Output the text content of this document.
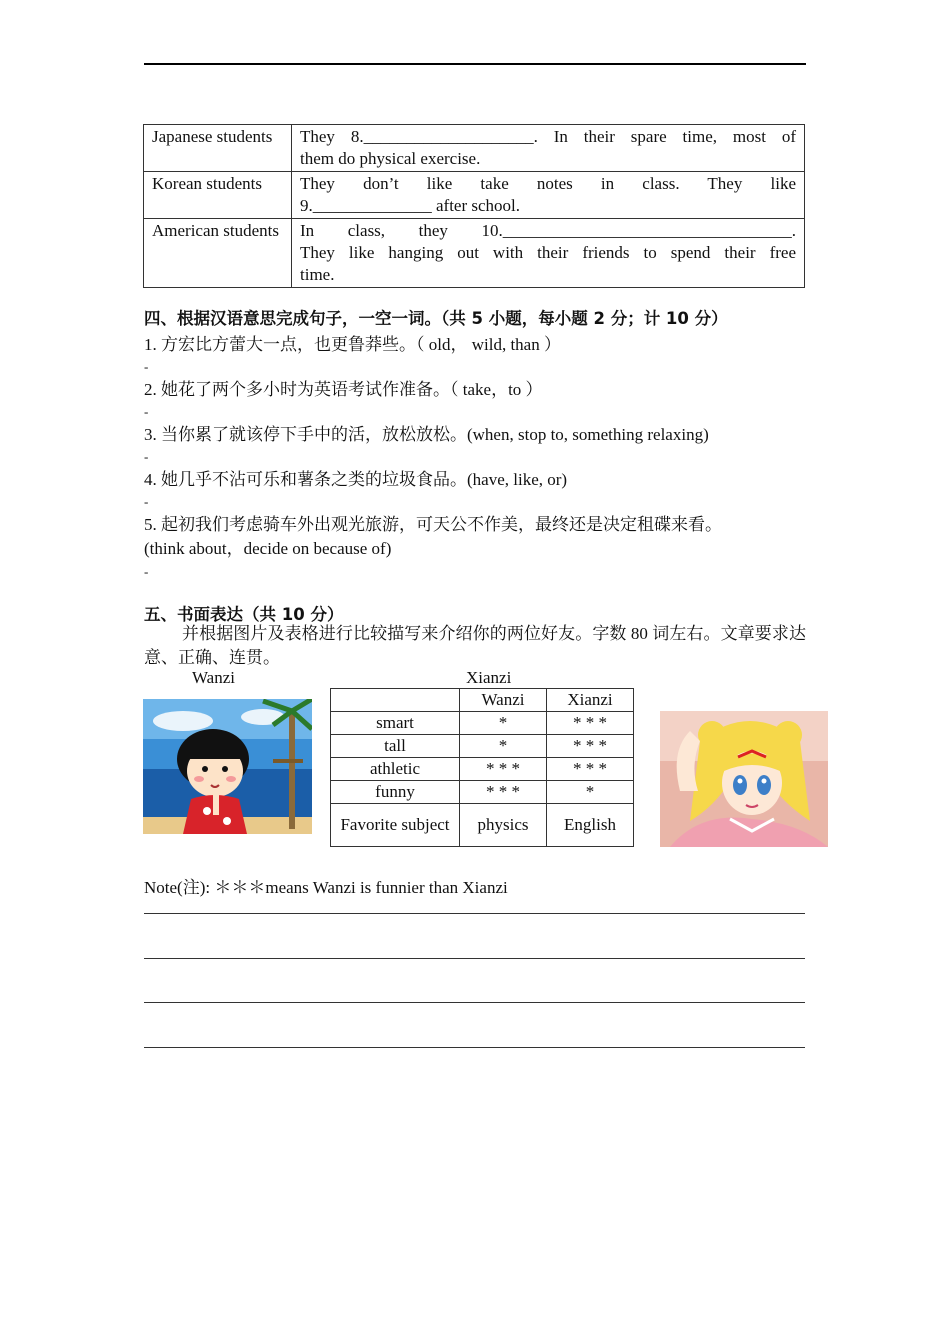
Japanese students	They 8.____________________. In their spare time, most of
them do physical exercise.
Korean students	They don’t like take notes in class. They like
9.______________ after school.
American students	In class, they 10.__________________________________.
They like hanging out with their friends to spend their free
time.
四、根据汉语意思完成句子，一空一词。（共 5 小题，每小题 2 分；计 10 分）
1. 方宏比方蕾大一点，也更鲁莽些。（ old， wild, than ）
-
2. 她花了两个多小时为英语考试作准备。（ take，to ）
-
3. 当你累了就该停下手中的活，放松放松。(when, stop to, something relaxing)
-
4. 她几乎不沾可乐和薯条之类的垃圾食品。(have, like, or)
-
5. 起初我们考虑骑车外出观光旅游，可天公不作美，最终还是决定租碟来看。
(think about，decide on because of)
-
五、书面表达（共 10 分）
并根据图片及表格进行比较描写来介绍你的两位好友。字数 80 词左右。文章要求达意、正确、连贯。
Wanzi	Xianzi
	Wanzi	Xianzi
smart	*	* * *
tall	*	* * *
athletic	* * *	* * *
funny	* * *	*
Favorite subject	physics	English
Note(注): ＊＊＊means Wanzi is funnier than Xianzi
